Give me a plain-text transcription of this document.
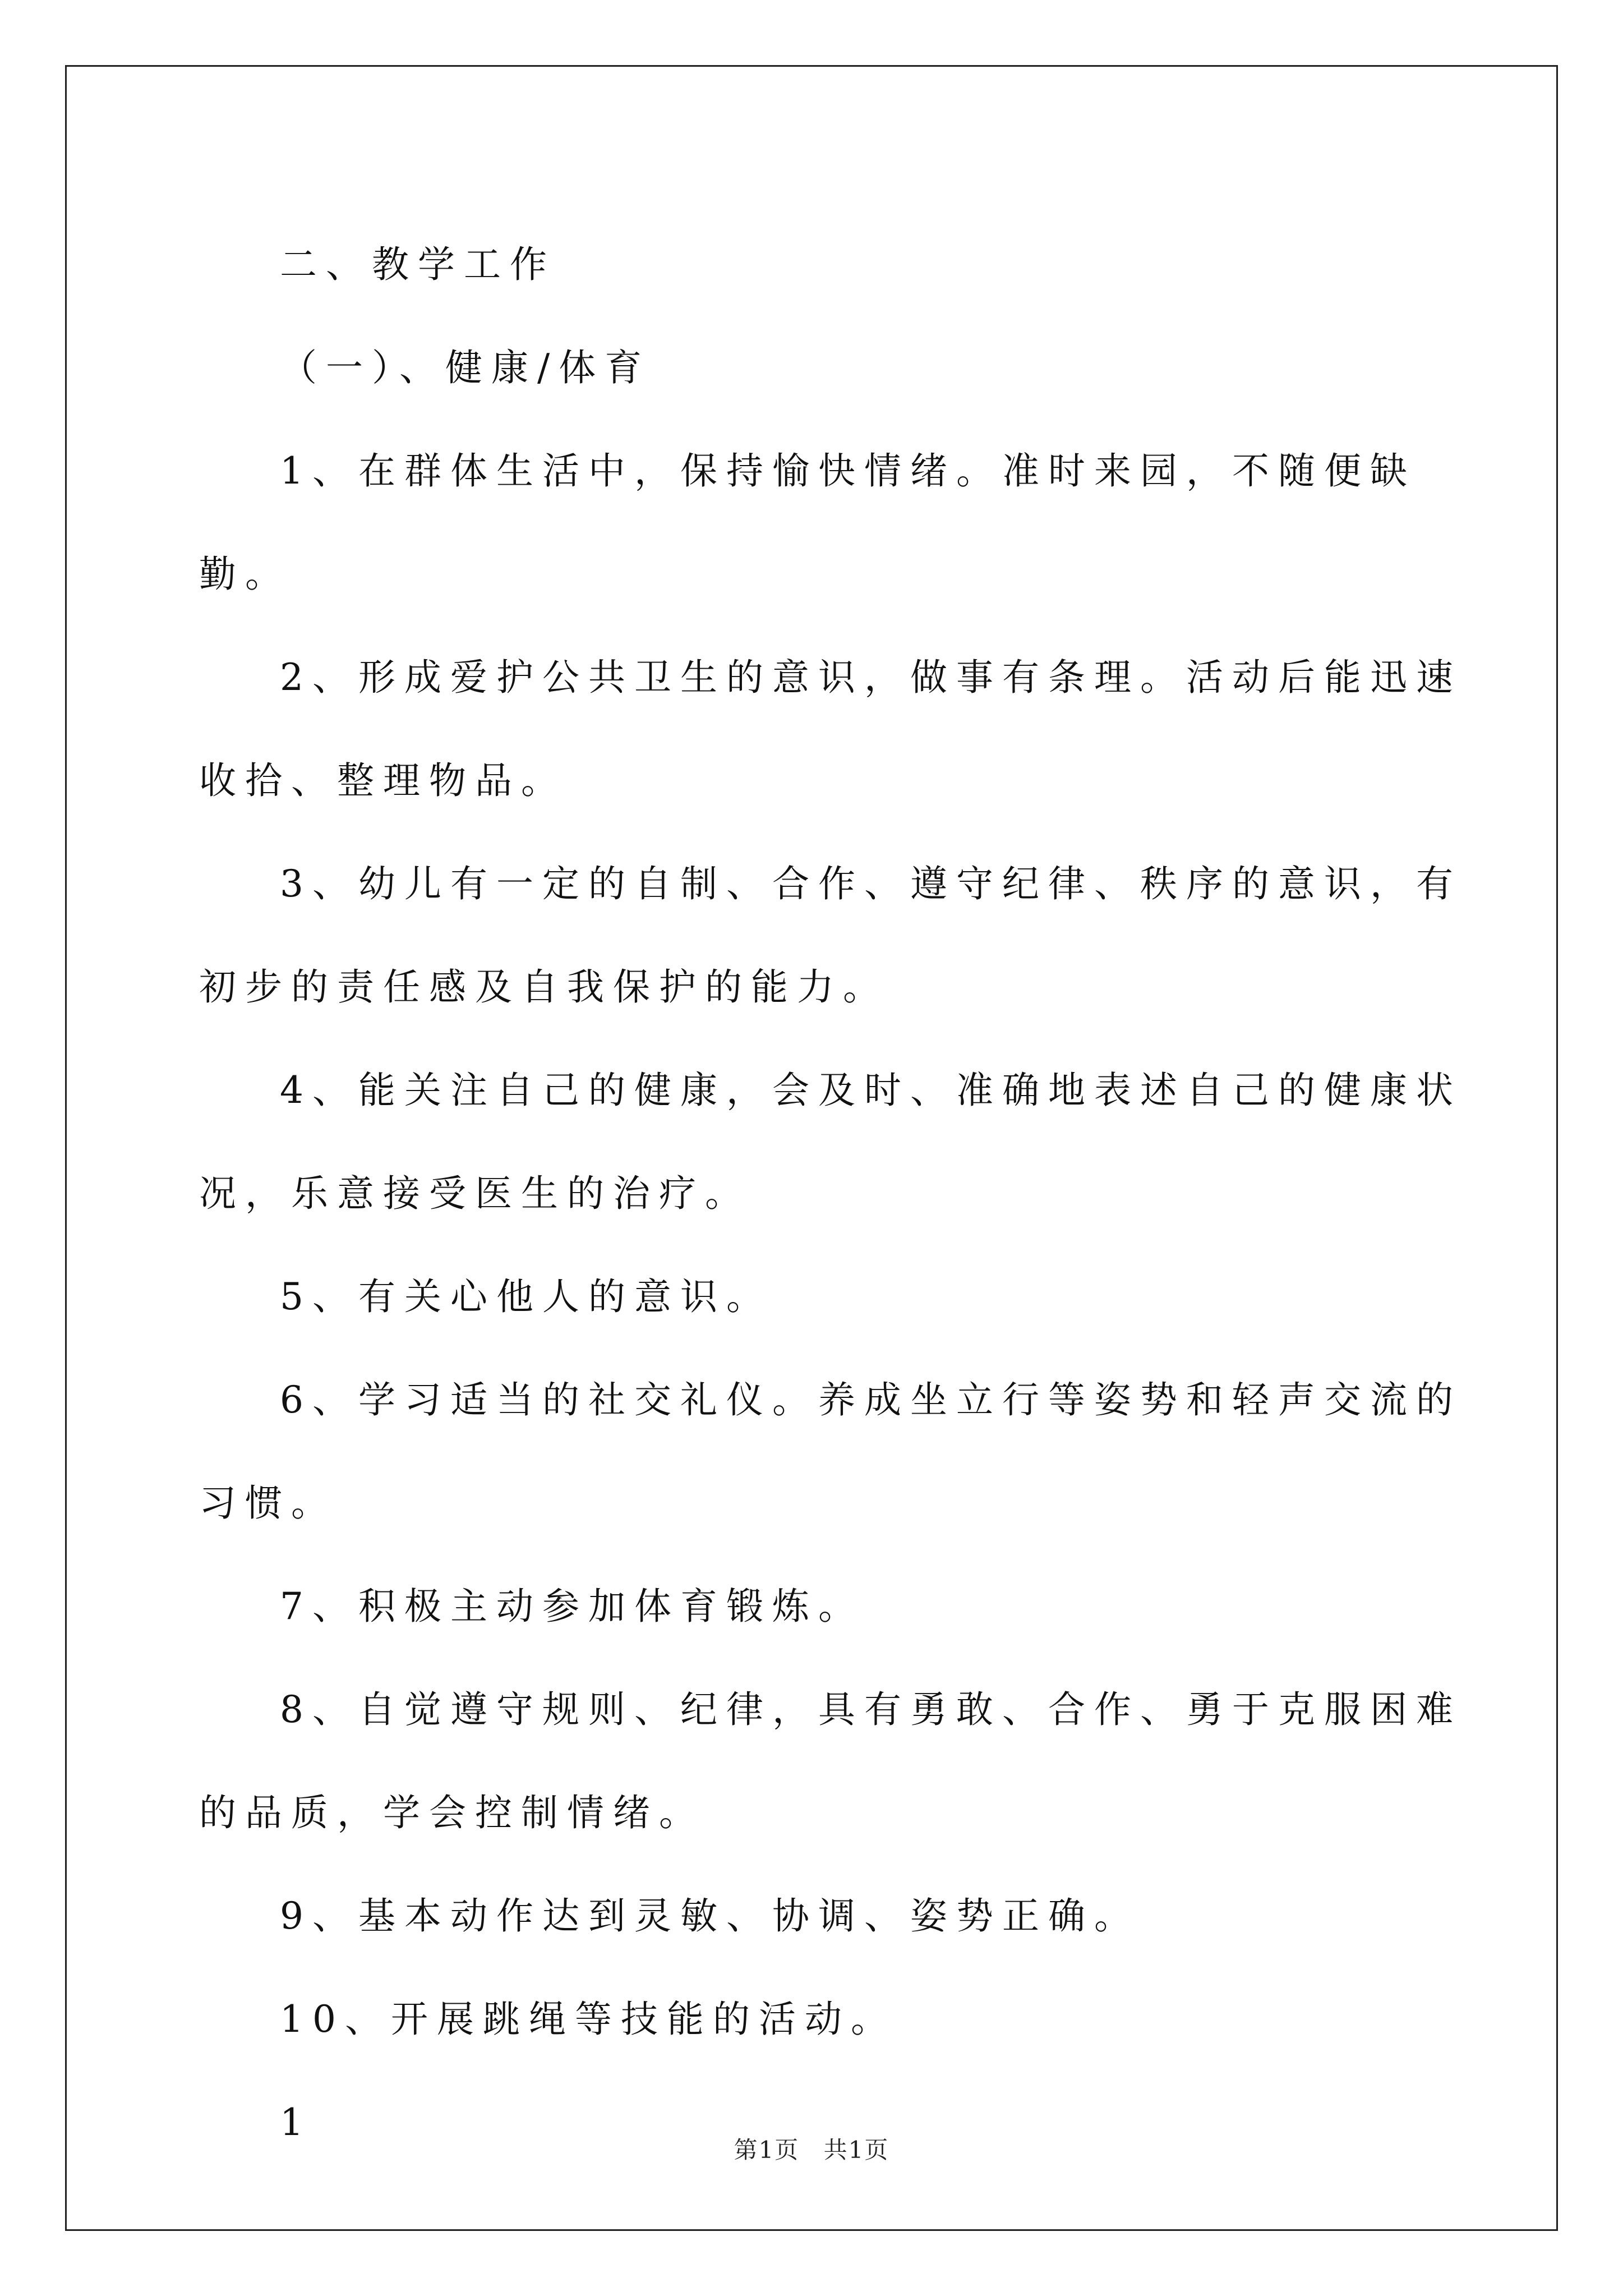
二、教学工作

（一）、健康/体育

1、在群体生活中，保持愉快情绪。准时来园，不随便缺勤。

2、形成爱护公共卫生的意识，做事有条理。活动后能迅速收拾、整理物品。

3、幼儿有一定的自制、合作、遵守纪律、秩序的意识，有初步的责任感及自我保护的能力。

4、能关注自己的健康，会及时、准确地表述自己的健康状况，乐意接受医生的治疗。

5、有关心他人的意识。

6、学习适当的社交礼仪。养成坐立行等姿势和轻声交流的习惯。

7、积极主动参加体育锻炼。

8、自觉遵守规则、纪律，具有勇敢、合作、勇于克服困难的品质，学会控制情绪。

9、基本动作达到灵敏、协调、姿势正确。

10、开展跳绳等技能的活动。

1

第1页 共1页
